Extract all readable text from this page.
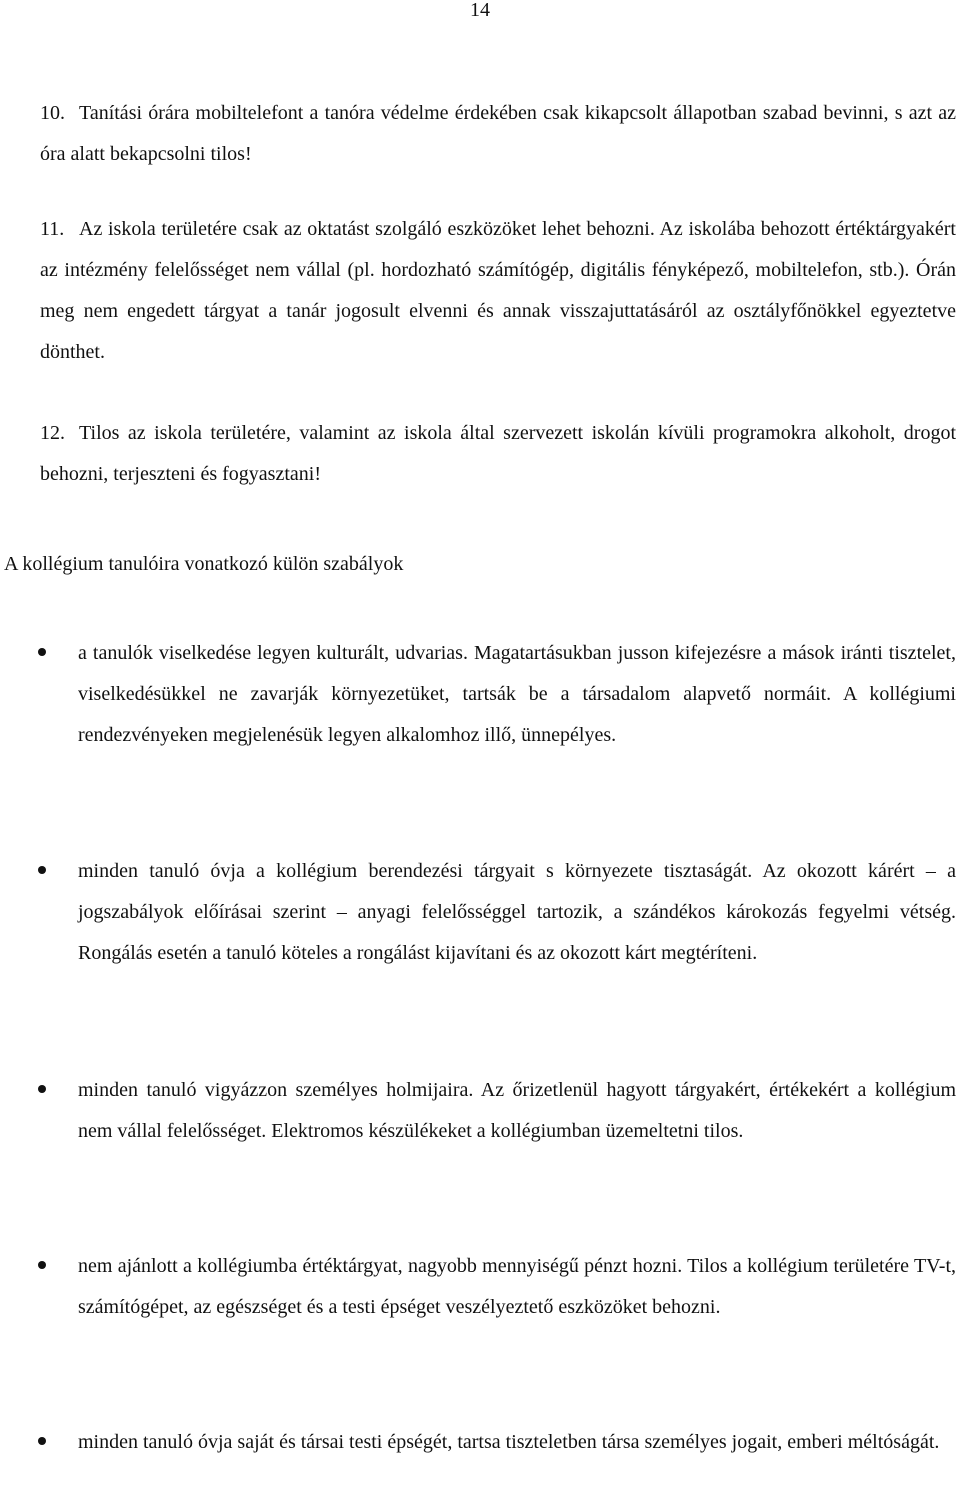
14

10. Tanítási órára mobiltelefont a tanóra védelme érdekében csak kikapcsolt állapotban szabad bevinni, s azt az óra alatt bekapcsolni tilos!

11. Az iskola területére csak az oktatást szolgáló eszközöket lehet behozni. Az iskolába behozott értéktárgyakért az intézmény felelősséget nem vállal (pl. hordozható számítógép, digitális fényképező, mobiltelefon, stb.). Órán meg nem engedett tárgyat a tanár jogosult elvenni és annak visszajuttatásáról az osztályfőnökkel egyeztetve dönthet.

12. Tilos az iskola területére, valamint az iskola által szervezett iskolán kívüli programokra alkoholt, drogot behozni, terjeszteni és fogyasztani!

A kollégium tanulóira vonatkozó külön szabályok

a tanulók viselkedése legyen kulturált, udvarias. Magatartásukban jusson kifejezésre a mások iránti tisztelet, viselkedésükkel ne zavarják környezetüket, tartsák be a társadalom alapvető normáit. A kollégiumi rendezvényeken megjelenésük legyen alkalomhoz illő, ünnepélyes.

minden tanuló óvja a kollégium berendezési tárgyait s környezete tisztaságát. Az okozott kárért – a jogszabályok előírásai szerint – anyagi felelősséggel tartozik, a szándékos károkozás fegyelmi vétség. Rongálás esetén a tanuló köteles a rongálást kijavítani és az okozott kárt megtéríteni.

minden tanuló vigyázzon személyes holmijaira. Az őrizetlenül hagyott tárgyakért, értékekért a kollégium nem vállal felelősséget. Elektromos készülékeket a kollégiumban üzemeltetni tilos.

nem ajánlott a kollégiumba értéktárgyat, nagyobb mennyiségű pénzt hozni. Tilos a kollégium területére TV-t, számítógépet, az egészséget és a testi épséget veszélyeztető eszközöket behozni.

minden tanuló óvja saját és társai testi épségét, tartsa tiszteletben társa személyes jogait, emberi méltóságát.
